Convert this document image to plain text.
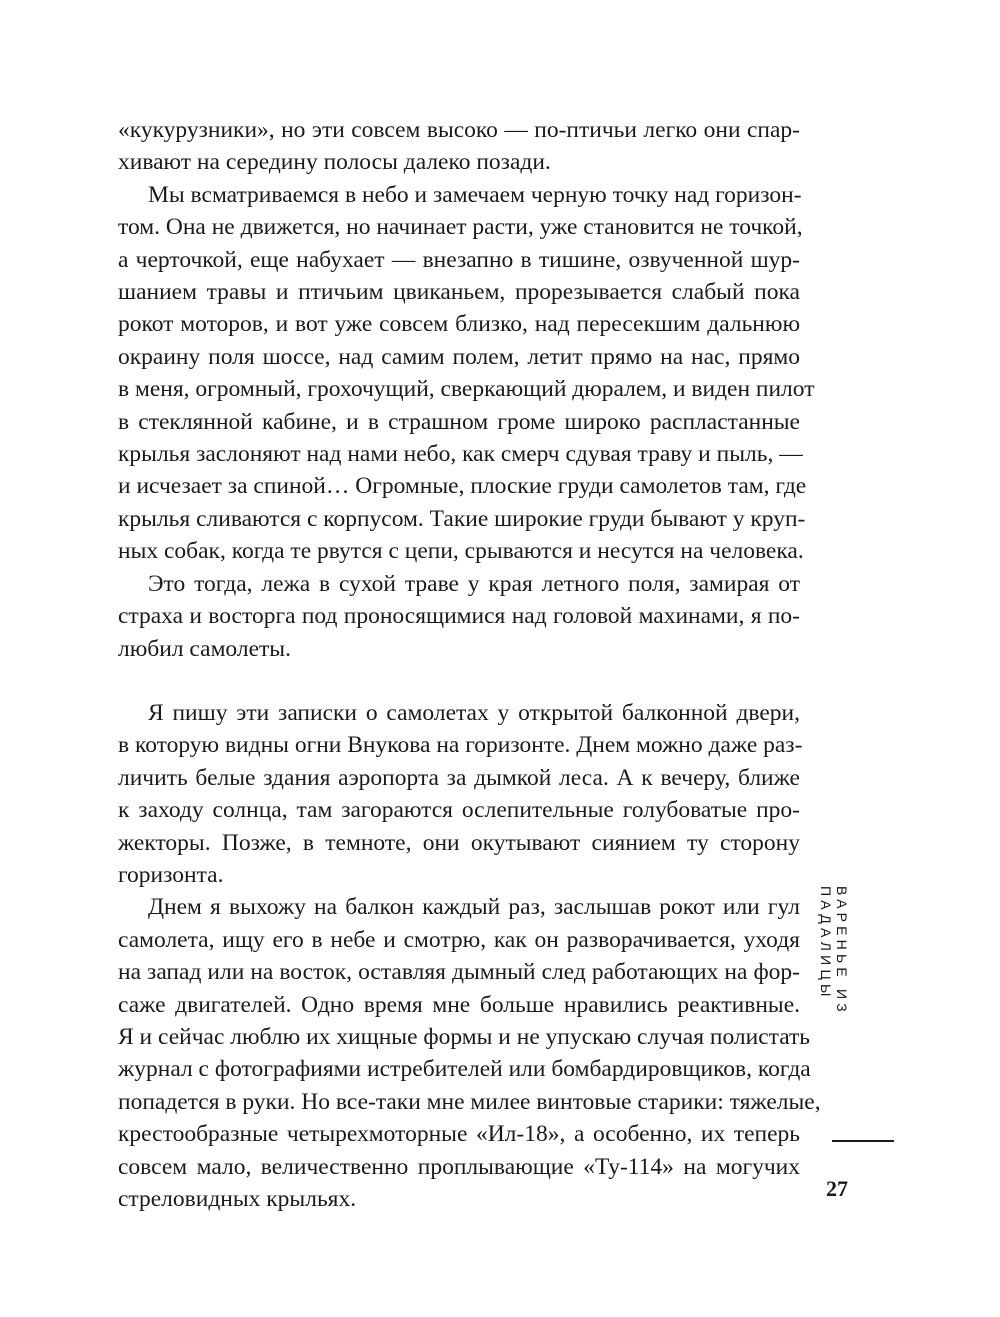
«кукурузники», но эти совсем высоко — по-птичьи легко они спар-
хивают на середину полосы далеко позади.
Мы всматриваемся в небо и замечаем черную точку над горизон-
том. Она не движется, но начинает расти, уже становится не точкой,
а черточкой, еще набухает — внезапно в тишине, озвученной шур-
шанием травы и птичьим цвиканьем, прорезывается слабый пока
рокот моторов, и вот уже совсем близко, над пересекшим дальнюю
окраину поля шоссе, над самим полем, летит прямо на нас, прямо
в меня, огромный, грохочущий, сверкающий дюралем, и виден пилот
в стеклянной кабине, и в страшном громе широко распластанные
крылья заслоняют над нами небо, как смерч сдувая траву и пыль, —
и исчезает за спиной… Огромные, плоские груди самолетов там, где
крылья сливаются с корпусом. Такие широкие груди бывают у круп-
ных собак, когда те рвутся с цепи, срываются и несутся на человека.
Это тогда, лежа в сухой траве у края летного поля, замирая от
страха и восторга под проносящимися над головой махинами, я по-
любил самолеты.
Я пишу эти записки о самолетах у открытой балконной двери,
в которую видны огни Внукова на горизонте. Днем можно даже раз-
личить белые здания аэропорта за дымкой леса. А к вечеру, ближе
к заходу солнца, там загораются ослепительные голубоватые про-
жекторы. Позже, в темноте, они окутывают сиянием ту сторону
горизонта.
Днем я выхожу на балкон каждый раз, заслышав рокот или гул
самолета, ищу его в небе и смотрю, как он разворачивается, уходя
на запад или на восток, оставляя дымный след работающих на фор-
саже двигателей. Одно время мне больше нравились реактивные.
Я и сейчас люблю их хищные формы и не упускаю случая полистать
журнал с фотографиями истребителей или бомбардировщиков, когда
попадется в руки. Но все-таки мне милее винтовые старики: тяжелые,
крестообразные четырехмоторные «Ил-18», а особенно, их теперь
совсем мало, величественно проплывающие «Ту-114» на могучих
стреловидных крыльях.
ВАРЕНЬЕ ИЗ ПАДАЛИЦЫ
27
